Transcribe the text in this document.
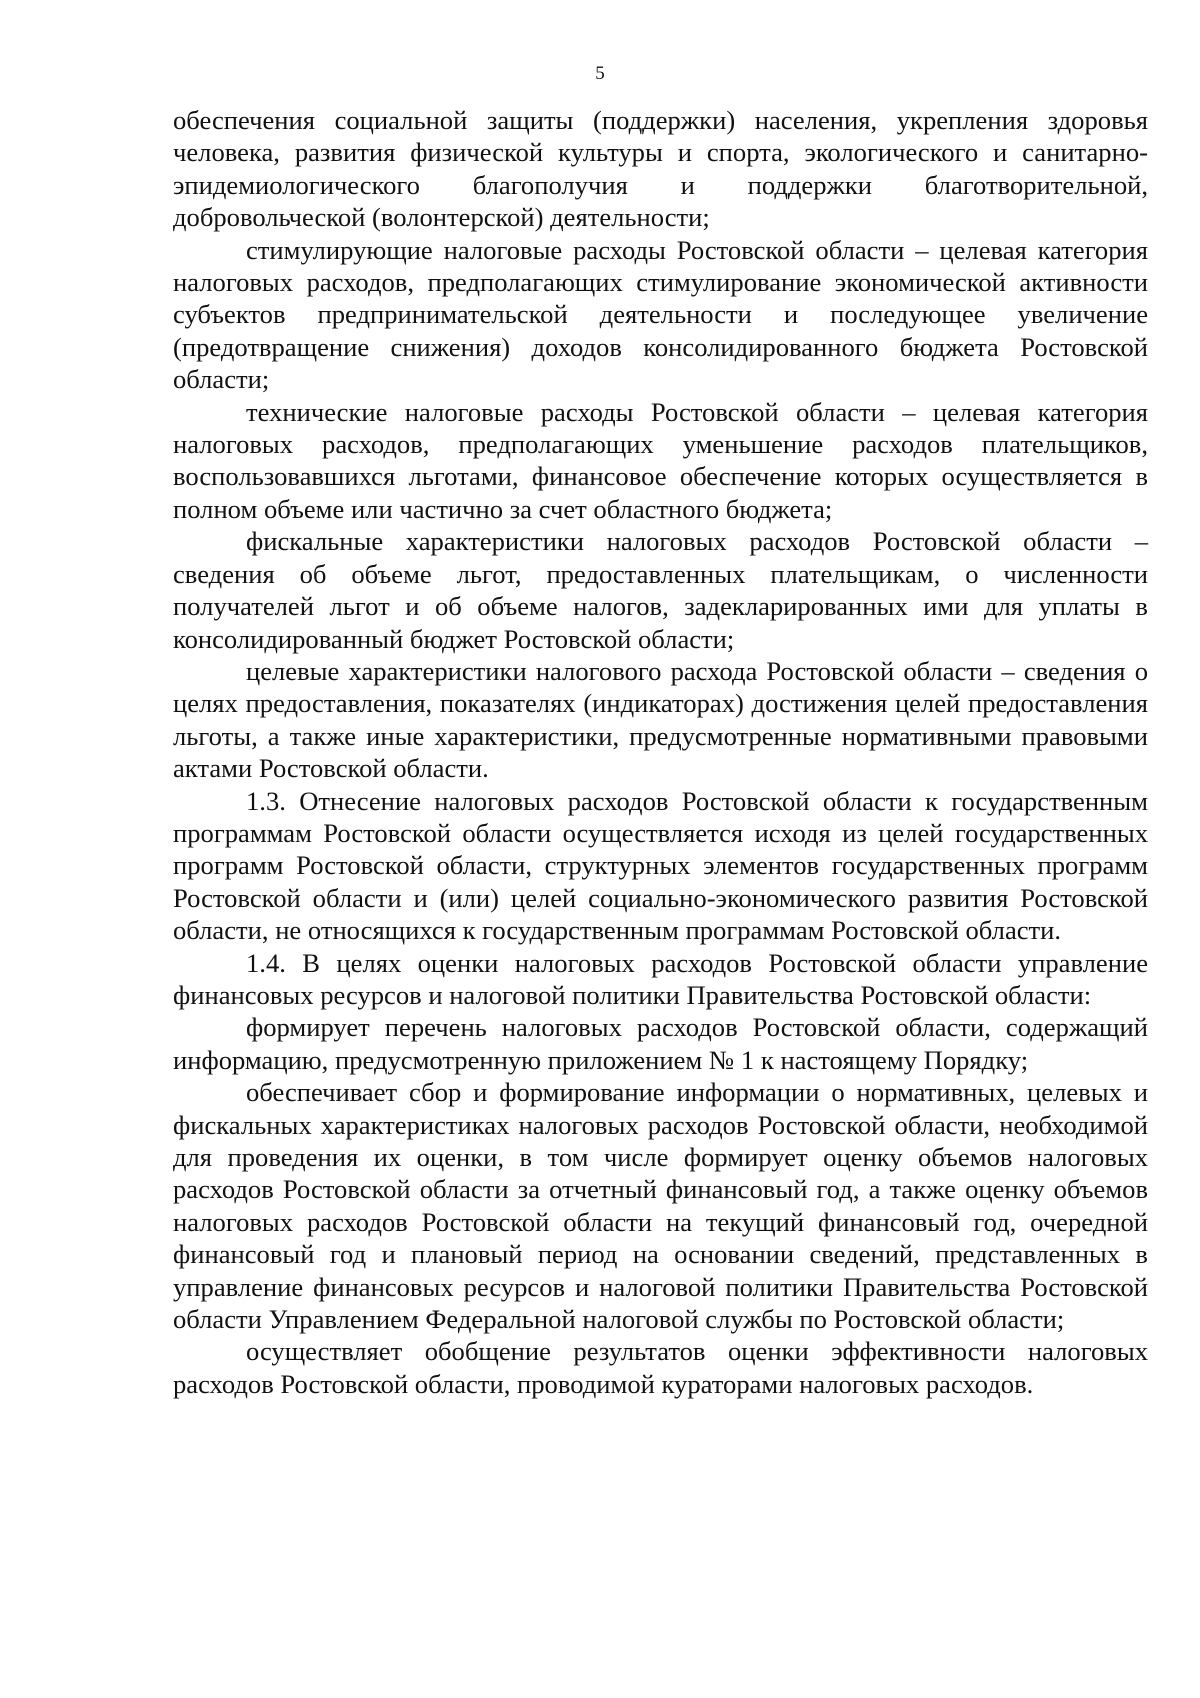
5

обеспечения социальной защиты (поддержки) населения, укрепления здоровья человека, развития физической культуры и спорта, экологического и санитарно-эпидемиологического благополучия и поддержки благотворительной, добровольческой (волонтерской) деятельности;

стимулирующие налоговые расходы Ростовской области – целевая категория налоговых расходов, предполагающих стимулирование экономической активности субъектов предпринимательской деятельности и последующее увеличение (предотвращение снижения) доходов консолидированного бюджета Ростовской области;

технические налоговые расходы Ростовской области – целевая категория налоговых расходов, предполагающих уменьшение расходов плательщиков, воспользовавшихся льготами, финансовое обеспечение которых осуществляется в полном объеме или частично за счет областного бюджета;

фискальные характеристики налоговых расходов Ростовской области – сведения об объеме льгот, предоставленных плательщикам, о численности получателей льгот и об объеме налогов, задекларированных ими для уплаты в консолидированный бюджет Ростовской области;

целевые характеристики налогового расхода Ростовской области – сведения о целях предоставления, показателях (индикаторах) достижения целей предоставления льготы, а также иные характеристики, предусмотренные нормативными правовыми актами Ростовской области.

1.3. Отнесение налоговых расходов Ростовской области к государственным программам Ростовской области осуществляется исходя из целей государственных программ Ростовской области, структурных элементов государственных программ Ростовской области и (или) целей социально-экономического развития Ростовской области, не относящихся к государственным программам Ростовской области.

1.4. В целях оценки налоговых расходов Ростовской области управление финансовых ресурсов и налоговой политики Правительства Ростовской области:

формирует перечень налоговых расходов Ростовской области, содержащий информацию, предусмотренную приложением № 1 к настоящему Порядку;

обеспечивает сбор и формирование информации о нормативных, целевых и фискальных характеристиках налоговых расходов Ростовской области, необходимой для проведения их оценки, в том числе формирует оценку объемов налоговых расходов Ростовской области за отчетный финансовый год, а также оценку объемов налоговых расходов Ростовской области на текущий финансовый год, очередной финансовый год и плановый период на основании сведений, представленных в управление финансовых ресурсов и налоговой политики Правительства Ростовской области Управлением Федеральной налоговой службы по Ростовской области;

осуществляет обобщение результатов оценки эффективности налоговых расходов Ростовской области, проводимой кураторами налоговых расходов.
